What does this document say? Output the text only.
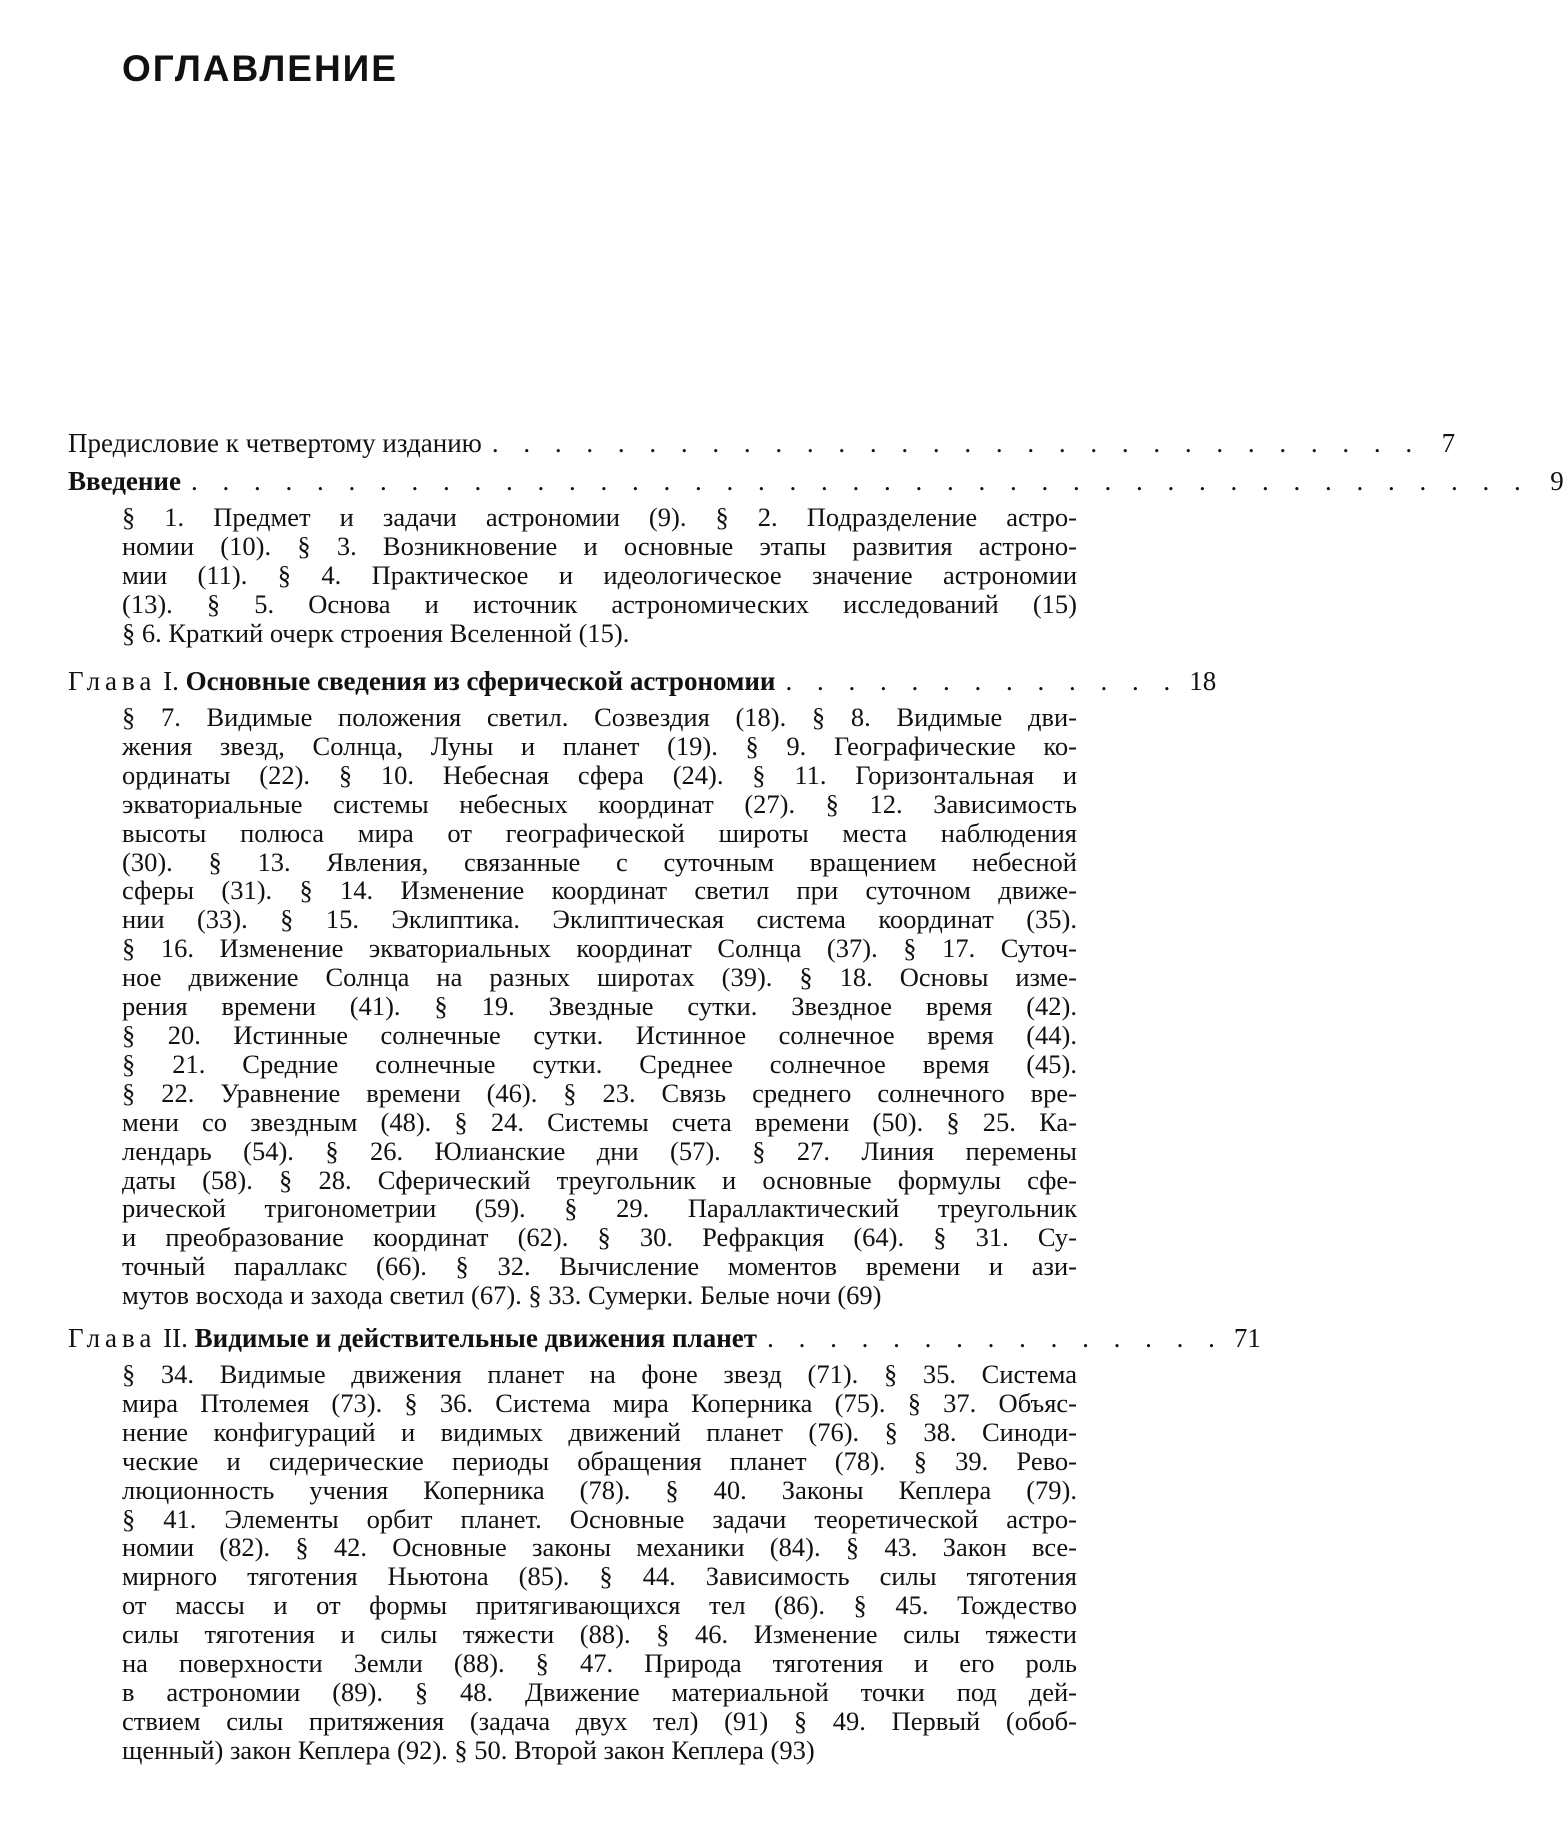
ОГЛАВЛЕНИЕ
Предисловие к четвертому изданию . . . . . . . . . . . . . . . . . . . . . . . . . . . . . . 7
Введение . . . . . . . . . . . . . . . . . . . . . . . . . . . . . . . . . . . . . . . . . . . 9
§ 1. Предмет и задачи астрономии (9). § 2. Подразделение астро-
номии (10). § 3. Возникновение и основные этапы развития астроно-
мии (11). § 4. Практическое и идеологическое значение астрономии
(13). § 5. Основа и источник астрономических исследований (15)
§ 6. Краткий очерк строения Вселенной (15).
Глава I. Основные сведения из сферической астрономии . . . . . . . . . . . . . 18
§ 7. Видимые положения светил. Созвездия (18). § 8. Видимые дви-
жения звезд, Солнца, Луны и планет (19). § 9. Географические ко-
ординаты (22). § 10. Небесная сфера (24). § 11. Горизонтальная и
экваториальные системы небесных координат (27). § 12. Зависимость
высоты полюса мира от географической широты места наблюдения
(30). § 13. Явления, связанные с суточным вращением небесной
сферы (31). § 14. Изменение координат светил при суточном движе-
нии (33). § 15. Эклиптика. Эклиптическая система координат (35).
§ 16. Изменение экваториальных координат Солнца (37). § 17. Суточ-
ное движение Солнца на разных широтах (39). § 18. Основы изме-
рения времени (41). § 19. Звездные сутки. Звездное время (42).
§ 20. Истинные солнечные сутки. Истинное солнечное время (44).
§ 21. Средние солнечные сутки. Среднее солнечное время (45).
§ 22. Уравнение времени (46). § 23. Связь среднего солнечного вре-
мени со звездным (48). § 24. Системы счета времени (50). § 25. Ка-
лендарь (54). § 26. Юлианские дни (57). § 27. Линия перемены
даты (58). § 28. Сферический треугольник и основные формулы сфе-
рической тригонометрии (59). § 29. Параллактический треугольник
и преобразование координат (62). § 30. Рефракция (64). § 31. Су-
точный параллакс (66). § 32. Вычисление моментов времени и ази-
мутов восхода и захода светил (67). § 33. Сумерки. Белые ночи (69)
Глава II. Видимые и действительные движения планет . . . . . . . . . . . . . . . 71
§ 34. Видимые движения планет на фоне звезд (71). § 35. Система
мира Птолемея (73). § 36. Система мира Коперника (75). § 37. Объяс-
нение конфигураций и видимых движений планет (76). § 38. Синоди-
ческие и сидерические периоды обращения планет (78). § 39. Рево-
люционность учения Коперника (78). § 40. Законы Кеплера (79).
§ 41. Элементы орбит планет. Основные задачи теоретической астро-
номии (82). § 42. Основные законы механики (84). § 43. Закон все-
мирного тяготения Ньютона (85). § 44. Зависимость силы тяготения
от массы и от формы притягивающихся тел (86). § 45. Тождество
силы тяготения и силы тяжести (88). § 46. Изменение силы тяжести
на поверхности Земли (88). § 47. Природа тяготения и его роль
в астрономии (89). § 48. Движение материальной точки под дей-
ствием силы притяжения (задача двух тел) (91) § 49. Первый (обоб-
щенный) закон Кеплера (92). § 50. Второй закон Кеплера (93)
